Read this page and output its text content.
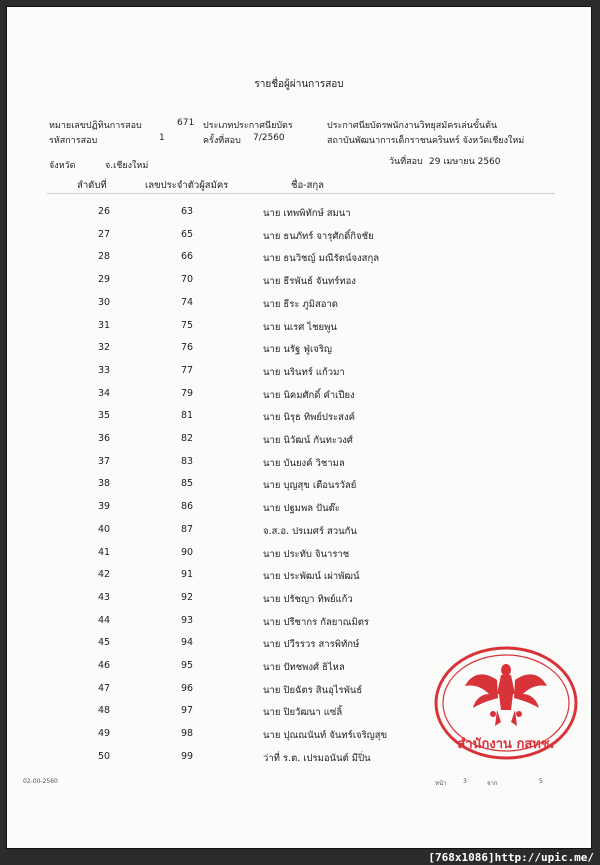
รายชื่อผู้ผ่านการสอบ
หมายเลขปฏิทินการสอบ	671 ประเภทประกาศนียบัตร	ประกาศนียบัตรพนักงานวิทยุสมัครเล่นขั้นต้น
รหัสการสอบ	1	ครั้งที่สอบ 7/2560	สถาบันพัฒนาการเด็กราชนครินทร์ จังหวัดเชียงใหม่
จังหวัด	จ.เชียงใหม่	วันที่สอบ 29 เมษายน 2560
ลำดับที่	เลขประจำตัวผู้สมัคร	ชื่อ-สกุล
26	63	นาย เทพพิทักษ์ สมนา
27	65	นาย ธนภัทร์ จารุศักดิ์กิจชัย
28	66	นาย ธนวิชญ์ มณีรัตน์จงสกุล
29	70	นาย ธีรพันธ์ จันทร์ทอง
30	74	นาย ธีระ ภูมิสอาด
31	75	นาย นเรศ ไชยพูน
32	76	นาย นรัฐ ฟู่เจริญ
33	77	นาย นรินทร์ แก้วมา
34	79	นาย นิคมศักดิ์ คำเปียง
35	81	นาย นิรุธ ทิพย์ประสงค์
36	82	นาย นิวัฒน์ กันทะวงศ์
37	83	นาย บันยงค์ วิชามล
38	85	นาย บุญสุข เตือนรวัลย์
39	86	นาย ปฐมพล ปันต๊ะ
40	87	จ.ส.อ. ปรเมศร์ สวนกัน
41	90	นาย ประทับ จินาราช
42	91	นาย ประพัฒน์ เผ่าพัฒน์
43	92	นาย ปรัชญา ทิพย์แก้ว
44	93	นาย ปรีชากร กัลยาณมิตร
45	94	นาย ปวีรรวร สารพิทักษ์
46	95	นาย ปัทชพงศ์ ธิไหล
47	96	นาย ปิยฉัตร สินอุไรพันธ์
48	97	นาย ปิยวัฒนา แซ่ลิ้
49	98	นาย ปุณณนันท์ จันทร์เจริญสุข
50	99	ว่าที่ ร.ต. เปรมอนันต์ มีปิ่น
02-00-2560	หน้า	3	จาก	5
สำนักงาน กสทช.
[768x1086]http://upic.me/
